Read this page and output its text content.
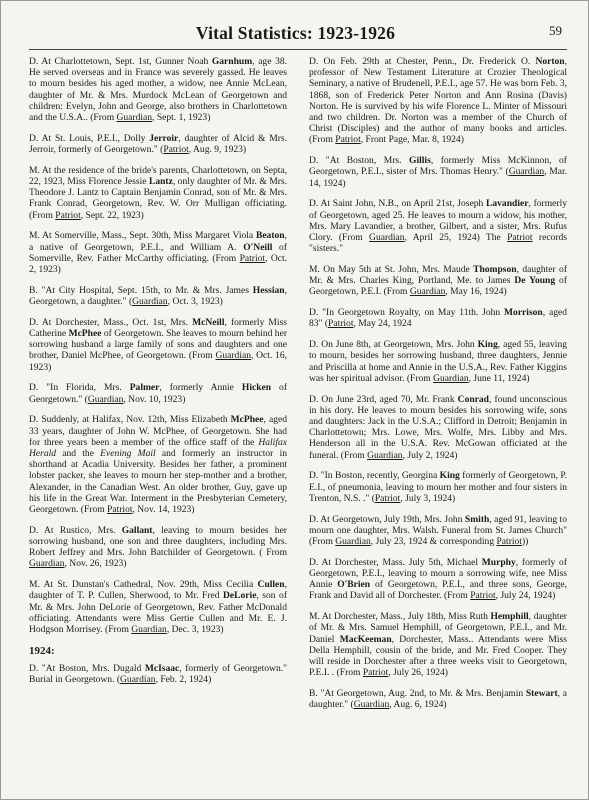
Vital Statistics: 1923-1926	59

D. At Charlottetown, Sept. 1st, Gunner Noah Garnhum, age 38. He served overseas and in France was severely gassed. He leaves to mourn besides his aged mother, a widow, nee Annie McLean, daughter of Mr. & Mrs. Murdock McLean of Georgetown and children: Evelyn, John and George, also brothers in Charlottetown and the U.S.A.. (From Guardian, Sept. 1, 1923)

D. At St. Louis, P.E.I., Dolly Jerroir, daughter of Alcid & Mrs. Jerroir, formerly of Georgetown." (Patriot, Aug. 9, 1923)

M. At the residence of the bride's parents, Charlottetown, on Septa, 22, 1923, Miss Florence Jessie Lantz, only daughter of Mr. & Mrs. Theodore J. Lantz to Captain Benjamin Conrad, son of Mr. & Mrs. Frank Conrad, Georgetown, Rev. W. Orr Mulligan officiating. (From Patriot, Sept. 22, 1923)

M. At Somerville, Mass., Sept. 30th, Miss Margaret Viola Beaton, a native of Georgetown, P.E.I., and William A. O'Neill of Somerville, Rev. Father McCarthy officiating. (From Patriot, Oct. 2, 1923)

B. "At City Hospital, Sept. 15th, to Mr. & Mrs. James Hessian, Georgetown, a daughter." (Guardian, Oct. 3, 1923)

D. At Dorchester, Mass., Oct. 1st, Mrs. McNeill, formerly Miss Catherine McPhee of Georgetown. She leaves to mourn behind her sorrowing husband a large family of sons and daughters and one brother, Daniel McPhee, of Georgetown. (From Guardian, Oct. 16, 1923)

D. "In Florida, Mrs. Palmer, formerly Annie Hicken of Georgetown." (Guardian, Nov. 10, 1923)

D. Suddenly, at Halifax, Nov. 12th, Miss Elizabeth McPhee, aged 33 years, daughter of John W. McPhee, of Georgetown. She had for three years been a member of the office staff of the Halifax Herald and the Evening Mail and formerly an instructor in shorthand at Acadia University. Besides her father, a prominent lobster packer, she leaves to mourn her step-mother and a brother, Alexander, in the Canadian West. An older brother, Guy, gave up his life in the Great War. Interment in the Presbyterian Cemetery, Georgetown. (From Patriot, Nov. 14, 1923)

D. At Rustico, Mrs. Gallant, leaving to mourn besides her sorrowing husband, one son and three daughters, including Mrs. Robert Jeffrey and Mrs. John Batchilder of Georgetown. ( From Guardian, Nov. 26, 1923)

M. At St. Dunstan's Cathedral, Nov. 29th, Miss Cecilia Cullen, daughter of T. P. Cullen, Sherwood, to Mr. Fred DeLorie, son of Mr. & Mrs. John DeLorie of Georgetown, Rev. Father McDonald officiating. Attendants were Miss Gertie Cullen and Mr. E. J. Hodgson Morrisey. (From Guardian, Dec. 3, 1923)

1924:

D. "At Boston, Mrs. Dugald McIsaac, formerly of Georgetown." Burial in Georgetown. (Guardian, Feb. 2, 1924)

D. On Feb. 29th at Chester, Penn., Dr. Frederick O. Norton, professor of New Testament Literature at Crozier Theological Seminary, a native of Brudenell, P.E.I., age 57. He was born Feb. 3, 1868, son of Frederick Peter Norton and Ann Rosina (Davis) Norton. He is survived by his wife Florence L. Minter of Missouri and two children. Dr. Norton was a member of the Church of Christ (Disciples) and the author of many books and articles. (From Patriot, Front Page, Mar. 8, 1924)

D. "At Boston, Mrs. Gillis, formerly Miss McKinnon, of Georgetown, P.E.I., sister of Mrs. Thomas Henry." (Guardian, Mar. 14, 1924)

D. At Saint John, N.B., on April 21st, Joseph Lavandier, formerly of Georgetown, aged 25. He leaves to mourn a widow, his mother, Mrs. Mary Lavandier, a brother, Gilbert, and a sister, Mrs. Rufus Clory. (From Guardian, April 25, 1924) The Patriot records "sisters."

M. On May 5th at St. John, Mrs. Maude Thompson, daughter of Mr. & Mrs. Charles King, Portland, Me. to James De Young of Georgetown, P.E.I. (From Guardian, May 16, 1924)

D. "In Georgetown Royalty, on May 11th. John Morrison, aged 83" (Patriot, May 24, 1924

D. On June 8th, at Georgetown, Mrs. John King, aged 55, leaving to mourn, besides her sorrowing husband, three daughters, Jennie and Priscilla at home and Annie in the U.S.A., Rev. Father Kiggins was her spiritual advisor. (From Guardian, June 11, 1924)

D. On June 23rd, aged 70, Mr. Frank Conrad, found unconscious in his dory. He leaves to mourn besides his sorrowing wife, sons and daughters: Jack in the U.S.A.; Clifford in Detroit; Benjamin in Charlottetown; Mrs. Lowe, Mrs. Wolfe, Mrs. Libby and Mrs. Henderson all in the U.S.A. Rev. McGowan officiated at the funeral. (From Guardian, July 2, 1924)

D. "In Boston, recently, Georgina King formerly of Georgetown, P. E.I., of pneumonia, leaving to mourn her mother and four sisters in Trenton, N.S. ." (Patriot, July 3, 1924)

D. At Georgetown, July 19th, Mrs. John Smith, aged 91, leaving to mourn one daughter, Mrs. Walsh. Funeral from St. James Church" (From Guardian, July 23, 1924 & corresponding Patriot))

D. At Dorchester, Mass. July 5th, Michael Murphy, formerly of Georgetown, P.E.I., leaving to mourn a sorrowing wife, nee Miss Annie O'Brien of Georgetown, P.E.I., and three sons, George, Frank and David all of Dorchester. (From Patriot, July 24, 1924)

M. At Dorchester, Mass., July 18th, Miss Ruth Hemphill, daughter of Mr. & Mrs. Samuel Hemphill, of Georgetown, P.E.I., and Mr. Daniel MacKeeman, Dorchester, Mass.. Attendants were Miss Della Hemphill, cousin of the bride, and Mr. Fred Cooper. They will reside in Dorchester after a three weeks visit to Georgetown, P.E.I. . (From Patriot, July 26, 1924)

B. "At Georgetown, Aug. 2nd, to Mr. & Mrs. Benjamin Stewart, a daughter." (Guardian, Aug. 6, 1924)
